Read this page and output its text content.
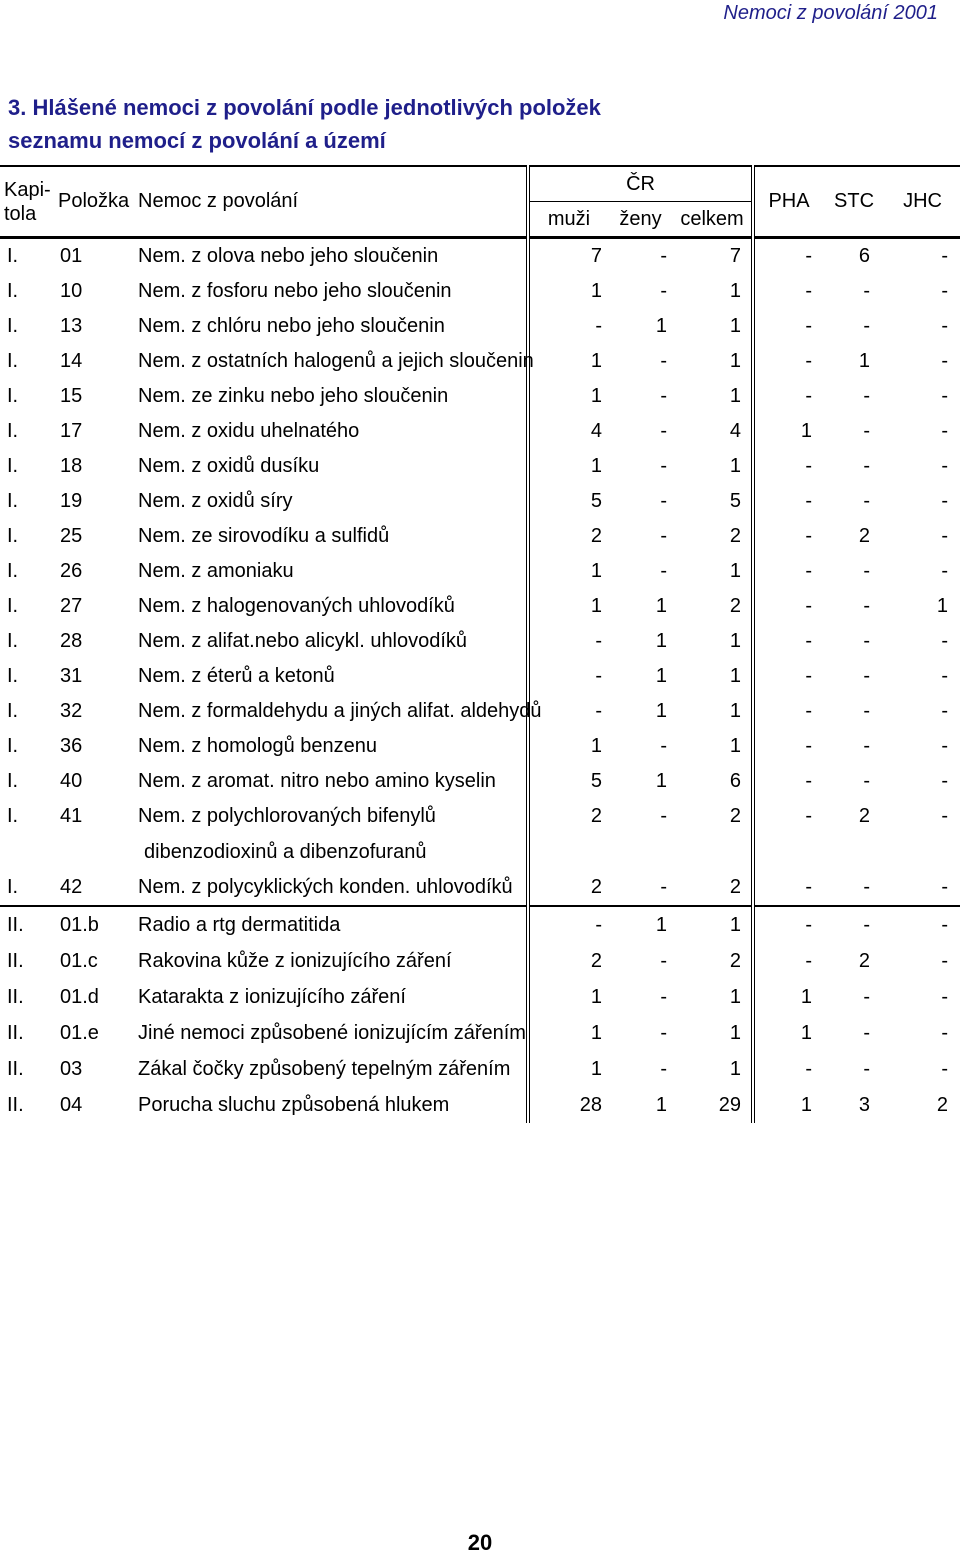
Nemoci z povolání 2001
3. Hlášené nemoci z povolání podle jednotlivých položek
seznamu nemocí z povolání a území
Kapi-
tola	Položka	Nemoc z povolání	ČR			PHA	STC	JHC
			muži	ženy	celkem			
I.	01	Nem. z olova nebo jeho sloučenin	7	-	7	-	6	-
I.	10	Nem. z fosforu nebo jeho sloučenin	1	-	1	-	-	-
I.	13	Nem. z chlóru nebo jeho sloučenin	-	1	1	-	-	-
I.	14	Nem. z ostatních halogenů a jejich sloučenin	1	-	1	-	1	-
I.	15	Nem. ze zinku nebo jeho sloučenin	1	-	1	-	-	-
I.	17	Nem. z oxidu uhelnatého	4	-	4	1	-	-
I.	18	Nem. z oxidů dusíku	1	-	1	-	-	-
I.	19	Nem. z oxidů síry	5	-	5	-	-	-
I.	25	Nem. ze sirovodíku a sulfidů	2	-	2	-	2	-
I.	26	Nem. z amoniaku	1	-	1	-	-	-
I.	27	Nem. z halogenovaných uhlovodíků	1	1	2	-	-	1
I.	28	Nem. z alifat.nebo alicykl. uhlovodíků	-	1	1	-	-	-
I.	31	Nem. z éterů a ketonů	-	1	1	-	-	-
I.	32	Nem. z formaldehydu a jiných alifat. aldehydů	-	1	1	-	-	-
I.	36	Nem. z homologů benzenu	1	-	1	-	-	-
I.	40	Nem. z aromat. nitro nebo amino kyselin	5	1	6	-	-	-
I.	41	Nem. z polychlorovaných bifenylů	2	-	2	-	2	-
		dibenzodioxinů a dibenzofuranů						
I.	42	Nem. z polycyklických konden. uhlovodíků	2	-	2	-	-	-
II.	01.b	Radio a rtg dermatitida	-	1	1	-	-	-
II.	01.c	Rakovina kůže z ionizujícího záření	2	-	2	-	2	-
II.	01.d	Katarakta z ionizujícího záření	1	-	1	1	-	-
II.	01.e	Jiné nemoci způsobené ionizujícím zářením	1	-	1	1	-	-
II.	03	Zákal čočky způsobený tepelným zářením	1	-	1	-	-	-
II.	04	Porucha sluchu způsobená hlukem	28	1	29	1	3	2
20
